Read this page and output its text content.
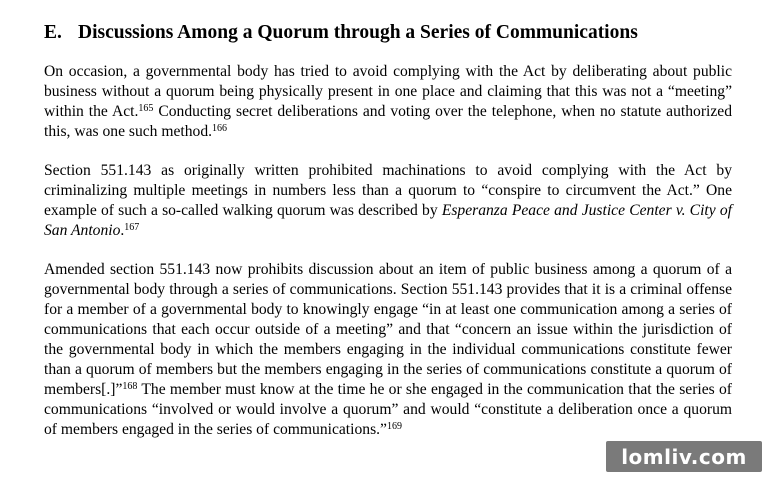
E. Discussions Among a Quorum through a Series of Communications

On occasion, a governmental body has tried to avoid complying with the Act by deliberating about public business without a quorum being physically present in one place and claiming that this was not a “meeting” within the Act.$^{165}$ Conducting secret deliberations and voting over the telephone, when no statute authorized this, was one such method.$^{166}$

Section 551.143 as originally written prohibited machinations to avoid complying with the Act by criminalizing multiple meetings in numbers less than a quorum to “conspire to circumvent the Act.” One example of such a so-called walking quorum was described by Esperanza Peace and Justice Center v. City of San Antonio.$^{167}$

Amended section 551.143 now prohibits discussion about an item of public business among a quorum of a governmental body through a series of communications. Section 551.143 provides that it is a criminal offense for a member of a governmental body to knowingly engage “in at least one communication among a series of communications that each occur outside of a meeting” and that “concern an issue within the jurisdiction of the governmental body in which the members engaging in the individual communications constitute fewer than a quorum of members but the members engaging in the series of communications constitute a quorum of members[.]”$^{168}$ The member must know at the time he or she engaged in the communication that the series of communications “involved or would involve a quorum” and would “constitute a deliberation once a quorum of members engaged in the series of communications.”$^{169}$

lomliv.com
